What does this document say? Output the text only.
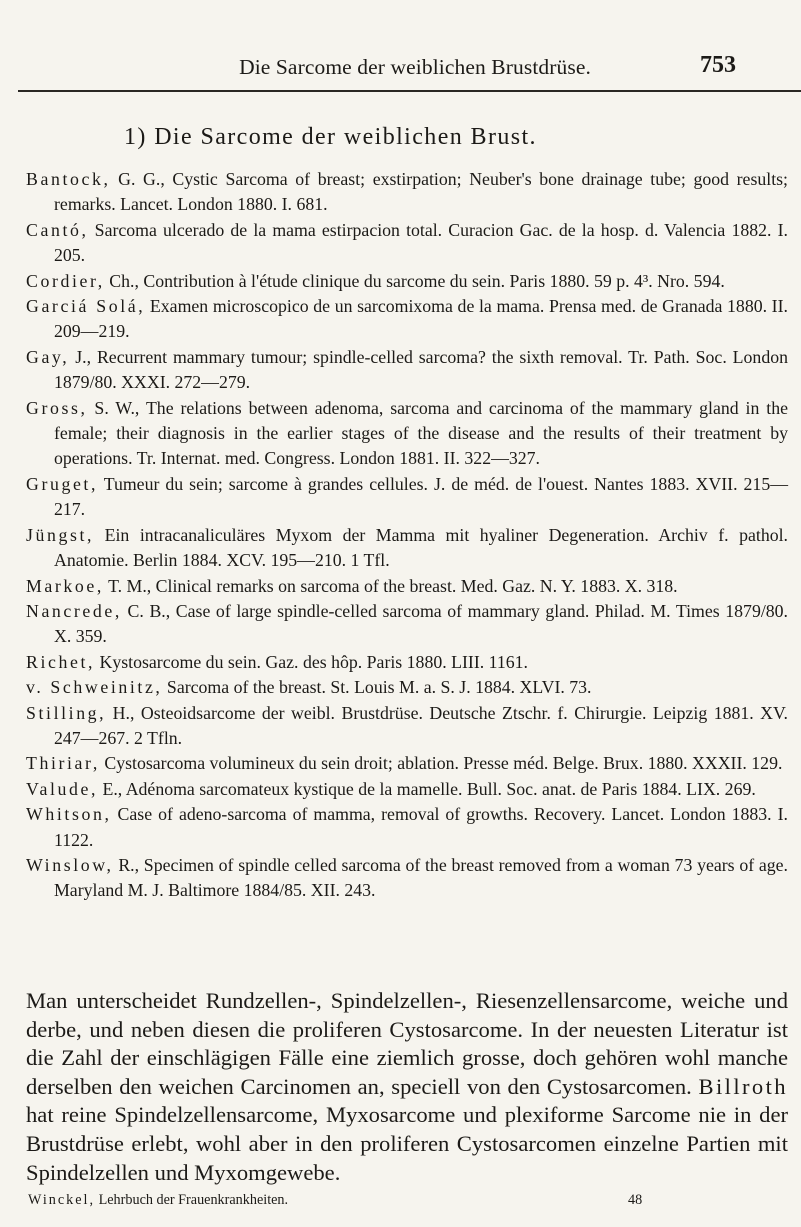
Die Sarcome der weiblichen Brustdrüse.	753
1) Die Sarcome der weiblichen Brust.
Bantock, G. G., Cystic Sarcoma of breast; exstirpation; Neuber's bone drainage tube; good results; remarks. Lancet. London 1880. I. 681.
Cantó, Sarcoma ulcerado de la mama estirpacion total. Curacion Gac. de la hosp. d. Valencia 1882. I. 205.
Cordier, Ch., Contribution à l'étude clinique du sarcome du sein. Paris 1880. 59 p. 4³. Nro. 594.
Garciá Solá, Examen microscopico de un sarcomixoma de la mama. Prensa med. de Granada 1880. II. 209—219.
Gay, J., Recurrent mammary tumour; spindle-celled sarcoma? the sixth removal. Tr. Path. Soc. London 1879/80. XXXI. 272—279.
Gross, S. W., The relations between adenoma, sarcoma and carcinoma of the mammary gland in the female; their diagnosis in the earlier stages of the disease and the results of their treatment by operations. Tr. Internat. med. Congress. London 1881. II. 322—327.
Gruget, Tumeur du sein; sarcome à grandes cellules. J. de méd. de l'ouest. Nantes 1883. XVII. 215—217.
Jüngst, Ein intracanaliculäres Myxom der Mamma mit hyaliner Degeneration. Archiv f. pathol. Anatomie. Berlin 1884. XCV. 195—210. 1 Tfl.
Markoe, T. M., Clinical remarks on sarcoma of the breast. Med. Gaz. N. Y. 1883. X. 318.
Nancrede, C. B., Case of large spindle-celled sarcoma of mammary gland. Philad. M. Times 1879/80. X. 359.
Richet, Kystosarcome du sein. Gaz. des hôp. Paris 1880. LIII. 1161.
v. Schweinitz, Sarcoma of the breast. St. Louis M. a. S. J. 1884. XLVI. 73.
Stilling, H., Osteoidsarcome der weibl. Brustdrüse. Deutsche Ztschr. f. Chirurgie. Leipzig 1881. XV. 247—267. 2 Tfln.
Thiriar, Cystosarcoma volumineux du sein droit; ablation. Presse méd. Belge. Brux. 1880. XXXII. 129.
Valude, E., Adénoma sarcomateux kystique de la mamelle. Bull. Soc. anat. de Paris 1884. LIX. 269.
Whitson, Case of adeno-sarcoma of mamma, removal of growths. Recovery. Lancet. London 1883. I. 1122.
Winslow, R., Specimen of spindle celled sarcoma of the breast removed from a woman 73 years of age. Maryland M. J. Baltimore 1884/85. XII. 243.
Man unterscheidet Rundzellen-, Spindelzellen-, Riesenzellensarcome, weiche und derbe, und neben diesen die proliferen Cystosarcome. In der neuesten Literatur ist die Zahl der einschlägigen Fälle eine ziemlich grosse, doch gehören wohl manche derselben den weichen Carcinomen an, speciell von den Cystosarcomen. Billroth hat reine Spindelzellensarcome, Myxosarcome und plexiforme Sarcome nie in der Brustdrüse erlebt, wohl aber in den proliferen Cystosarcomen einzelne Partien mit Spindelzellen und Myxomgewebe.
Winckel, Lehrbuch der Frauenkrankheiten.	48
